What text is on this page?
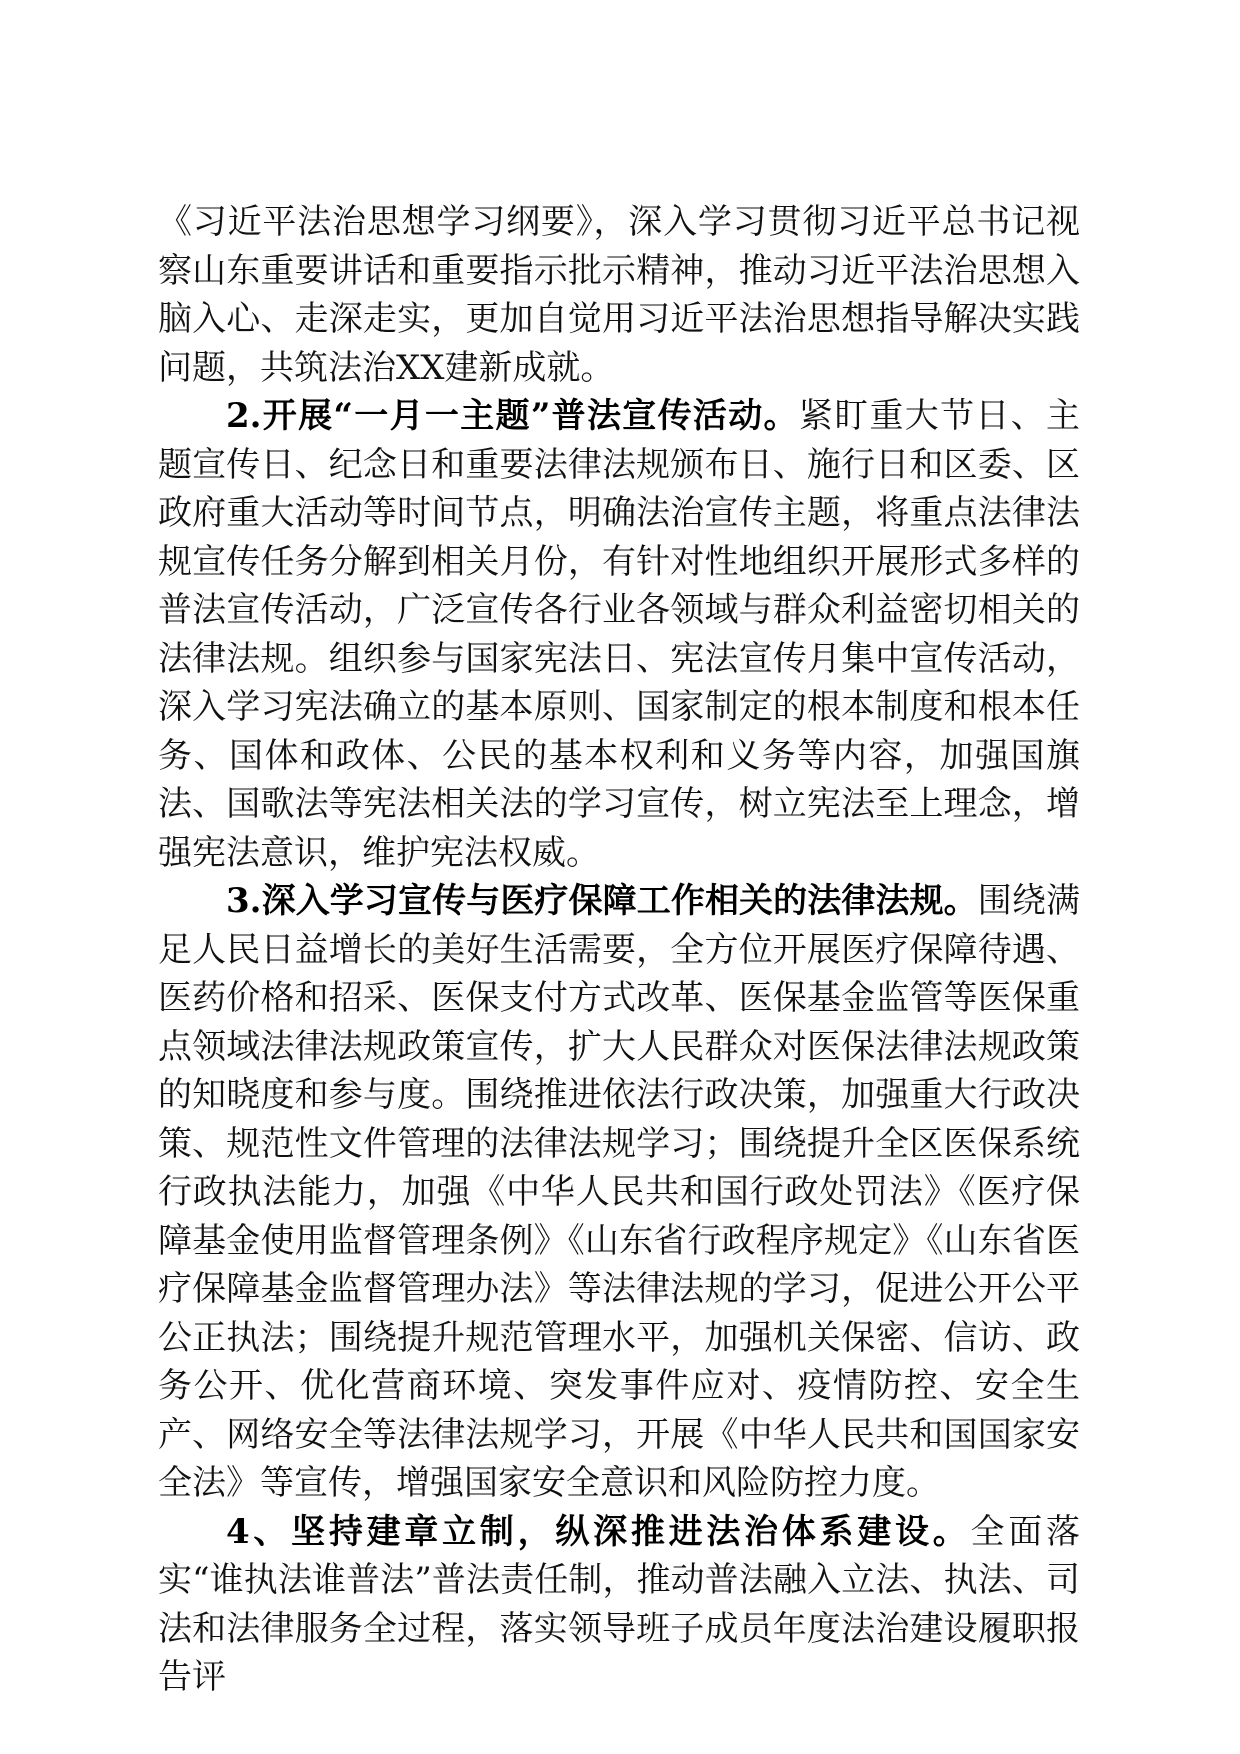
《习近平法治思想学习纲要》，深入学习贯彻习近平总书记视察山东重要讲话和重要指示批示精神，推动习近平法治思想入脑入心、走深走实，更加自觉用习近平法治思想指导解决实践问题，共筑法治XX建新成就。

2.开展“一月一主题”普法宣传活动。紧盯重大节日、主题宣传日、纪念日和重要法律法规颁布日、施行日和区委、区政府重大活动等时间节点，明确法治宣传主题，将重点法律法规宣传任务分解到相关月份，有针对性地组织开展形式多样的普法宣传活动，广泛宣传各行业各领域与群众利益密切相关的法律法规。组织参与国家宪法日、宪法宣传月集中宣传活动，深入学习宪法确立的基本原则、国家制定的根本制度和根本任务、国体和政体、公民的基本权利和义务等内容，加强国旗法、国歌法等宪法相关法的学习宣传，树立宪法至上理念，增强宪法意识，维护宪法权威。

3.深入学习宣传与医疗保障工作相关的法律法规。围绕满足人民日益增长的美好生活需要，全方位开展医疗保障待遇、医药价格和招采、医保支付方式改革、医保基金监管等医保重点领域法律法规政策宣传，扩大人民群众对医保法律法规政策的知晓度和参与度。围绕推进依法行政决策，加强重大行政决策、规范性文件管理的法律法规学习；围绕提升全区医保系统行政执法能力，加强《中华人民共和国行政处罚法》《医疗保障基金使用监督管理条例》《山东省行政程序规定》《山东省医疗保障基金监督管理办法》等法律法规的学习，促进公开公平公正执法；围绕提升规范管理水平，加强机关保密、信访、政务公开、优化营商环境、突发事件应对、疫情防控、安全生产、网络安全等法律法规学习，开展《中华人民共和国国家安全法》等宣传，增强国家安全意识和风险防控力度。

4、坚持建章立制，纵深推进法治体系建设。全面落实“谁执法谁普法”普法责任制，推动普法融入立法、执法、司法和法律服务全过程，落实领导班子成员年度法治建设履职报告评
